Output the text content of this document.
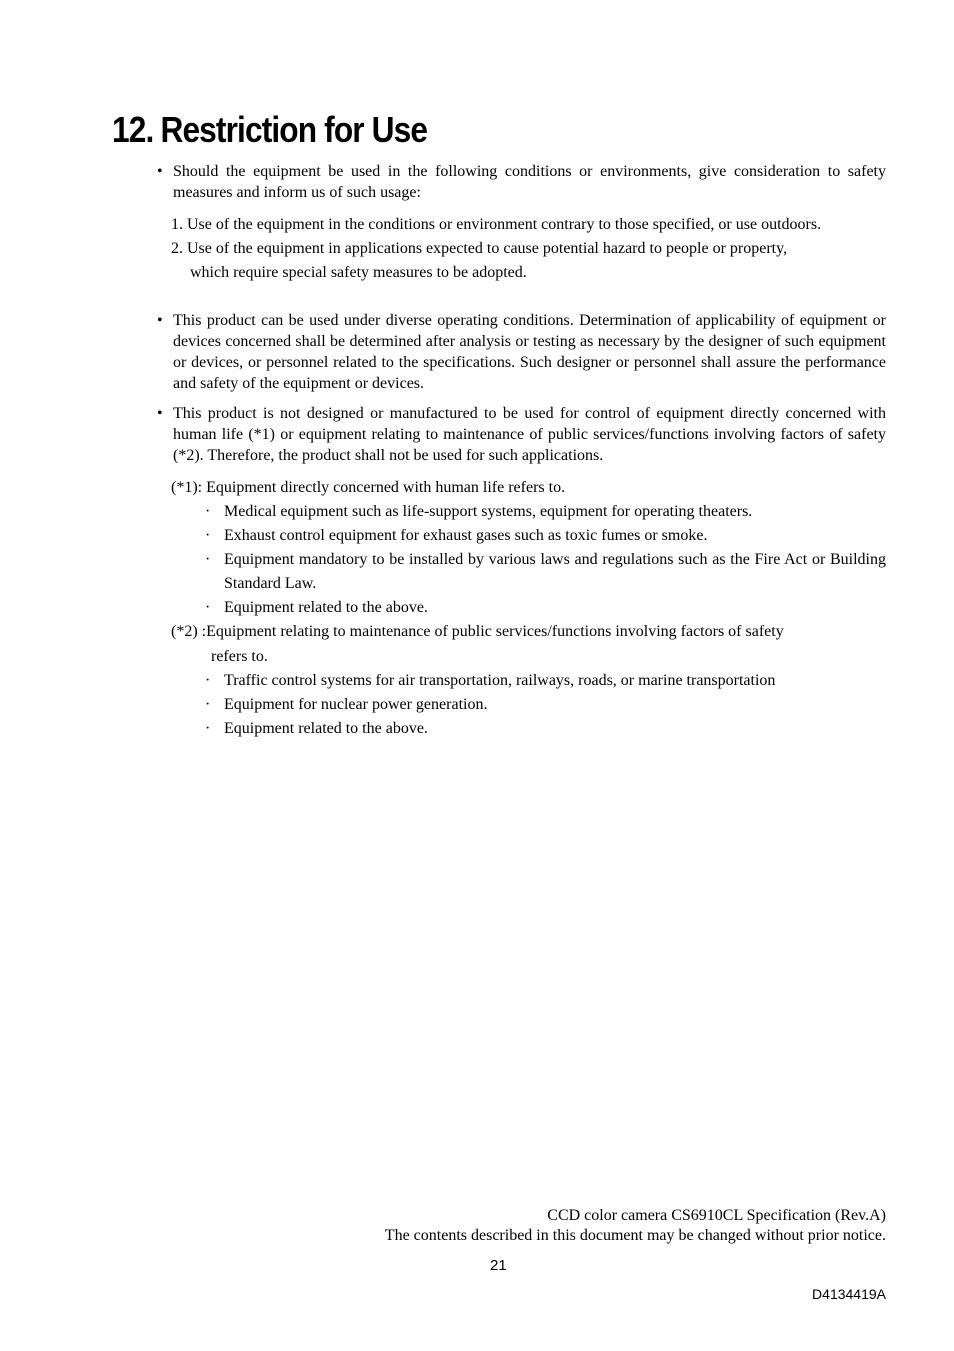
12. Restriction for Use
• Should the equipment be used in the following conditions or environments, give consideration to safety measures and inform us of such usage:

1. Use of the equipment in the conditions or environment contrary to those specified, or use outdoors.

2. Use of the equipment in applications expected to cause potential hazard to people or property,

which require special safety measures to be adopted.

• This product can be used under diverse operating conditions. Determination of applicability of equipment or devices concerned shall be determined after analysis or testing as necessary by the designer of such equipment or devices, or personnel related to the specifications. Such designer or personnel shall assure the performance and safety of the equipment or devices.

• This product is not designed or manufactured to be used for control of equipment directly concerned with human life (*1) or equipment relating to maintenance of public services/functions involving factors of safety (*2). Therefore, the product shall not be used for such applications.

(*1): Equipment directly concerned with human life refers to.

· Medical equipment such as life-support systems, equipment for operating theaters.

· Exhaust control equipment for exhaust gases such as toxic fumes or smoke.

· Equipment mandatory to be installed by various laws and regulations such as the Fire Act or Building Standard Law.

· Equipment related to the above.

(*2) :Equipment relating to maintenance of public services/functions involving factors of safety

refers to.

· Traffic control systems for air transportation, railways, roads, or marine transportation

· Equipment for nuclear power generation.

· Equipment related to the above.

CCD color camera CS6910CL Specification (Rev.A)

The contents described in this document may be changed without prior notice.

21

D4134419A
